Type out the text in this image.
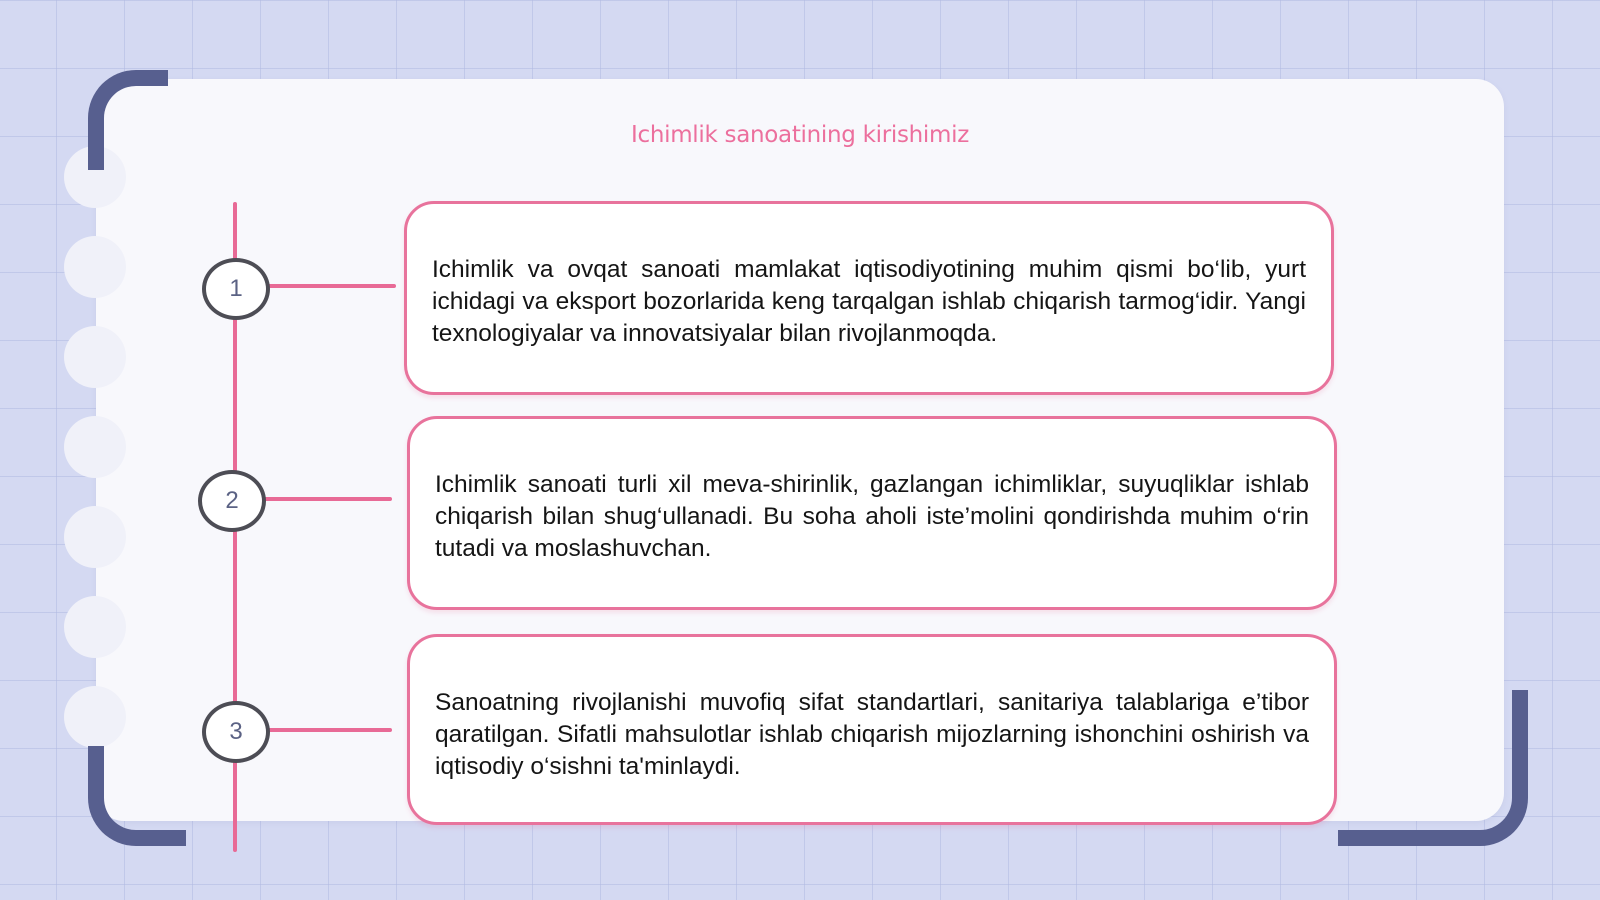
Ichimlik sanoatining kirishimiz
1

Ichimlik va ovqat sanoati mamlakat iqtisodiyotining muhim qismi bo‘lib, yurt ichidagi va eksport bozorlarida keng tarqalgan ishlab chiqarish tarmog‘idir. Yangi texnologiyalar va innovatsiyalar bilan rivojlanmoqda.

2

Ichimlik sanoati turli xil meva-shirinlik, gazlangan ichimliklar, suyuqliklar ishlab chiqarish bilan shug‘ullanadi. Bu soha aholi iste’molini qondirishda muhim o‘rin tutadi va moslashuvchan.

3

Sanoatning rivojlanishi muvofiq sifat standartlari, sanitariya talablariga e’tibor qaratilgan. Sifatli mahsulotlar ishlab chiqarish mijozlarning ishonchini oshirish va iqtisodiy o‘sishni ta'minlaydi.
